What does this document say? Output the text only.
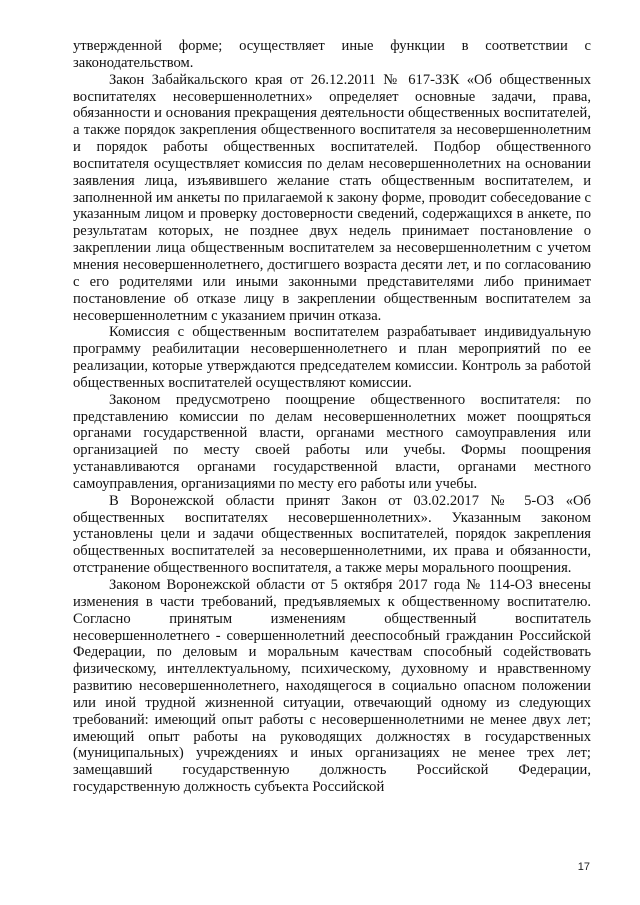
утвержденной форме; осуществляет иные функции в соответствии с законодательством.

Закон Забайкальского края от 26.12.2011 № 617-ЗЗК «Об общественных воспитателях несовершеннолетних» определяет основные задачи, права, обязанности и основания прекращения деятельности общественных воспитателей, а также порядок закрепления общественного воспитателя за несовершеннолетним и порядок работы общественных воспитателей. Подбор общественного воспитателя осуществляет комиссия по делам несовершеннолетних на основании заявления лица, изъявившего желание стать общественным воспитателем, и заполненной им анкеты по прилагаемой к закону форме, проводит собеседование с указанным лицом и проверку достоверности сведений, содержащихся в анкете, по результатам которых, не позднее двух недель принимает постановление о закреплении лица общественным воспитателем за несовершеннолетним с учетом мнения несовершеннолетнего, достигшего возраста десяти лет, и по согласованию с его родителями или иными законными представителями либо принимает постановление об отказе лицу в закреплении общественным воспитателем за несовершеннолетним с указанием причин отказа.

Комиссия с общественным воспитателем разрабатывает индивидуальную программу реабилитации несовершеннолетнего и план мероприятий по ее реализации, которые утверждаются председателем комиссии. Контроль за работой общественных воспитателей осуществляют комиссии.

Законом предусмотрено поощрение общественного воспитателя: по представлению комиссии по делам несовершеннолетних может поощряться органами государственной власти, органами местного самоуправления или организацией по месту своей работы или учебы. Формы поощрения устанавливаются органами государственной власти, органами местного самоуправления, организациями по месту его работы или учебы.

В Воронежской области принят Закон от 03.02.2017 № 5-ОЗ «Об общественных воспитателях несовершеннолетних». Указанным законом установлены цели и задачи общественных воспитателей, порядок закрепления общественных воспитателей за несовершеннолетними, их права и обязанности, отстранение общественного воспитателя, а также меры морального поощрения.

Законом Воронежской области от 5 октября 2017 года № 114-ОЗ внесены изменения в части требований, предъявляемых к общественному воспитателю. Согласно принятым изменениям общественный воспитатель несовершеннолетнего - совершеннолетний дееспособный гражданин Российской Федерации, по деловым и моральным качествам способный содействовать физическому, интеллектуальному, психическому, духовному и нравственному развитию несовершеннолетнего, находящегося в социально опасном положении или иной трудной жизненной ситуации, отвечающий одному из следующих требований: имеющий опыт работы с несовершеннолетними не менее двух лет; имеющий опыт работы на руководящих должностях в государственных (муниципальных) учреждениях и иных организациях не менее трех лет; замещавший государственную должность Российской Федерации, государственную должность субъекта Российской

17
